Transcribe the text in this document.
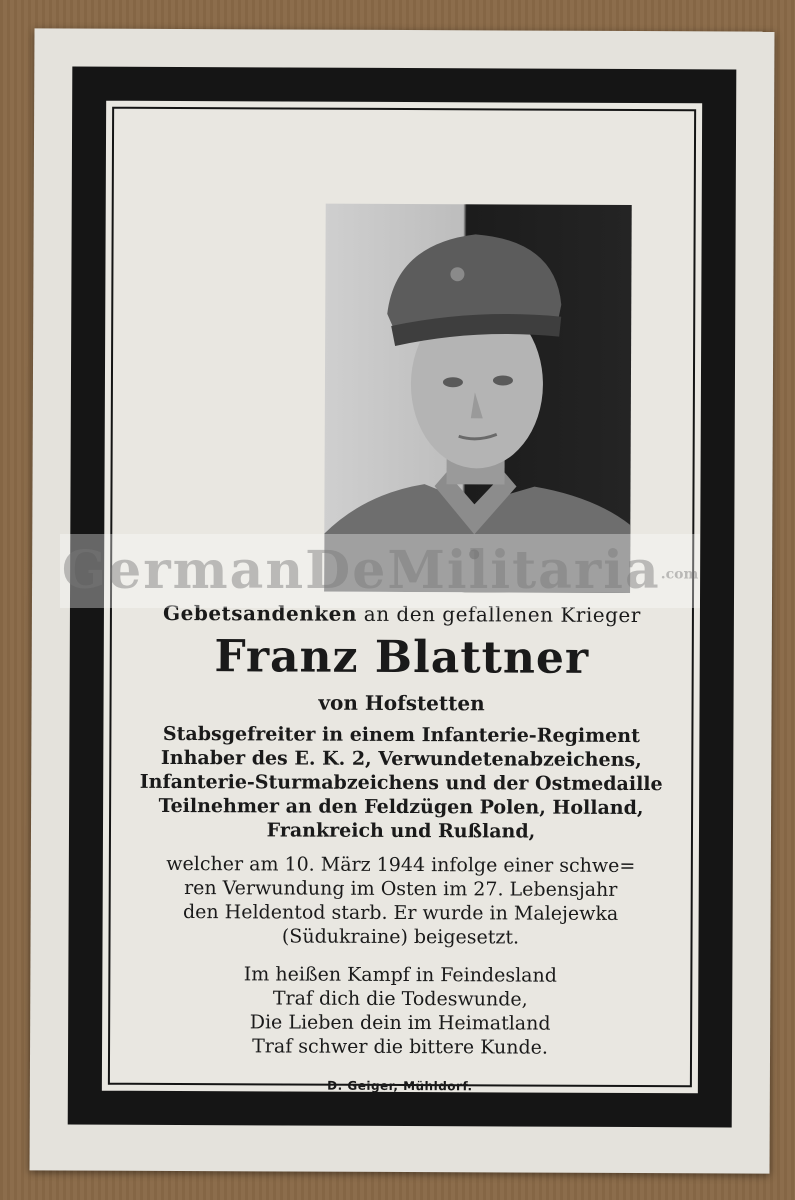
Gebetsandenken an den gefallenen Krieger
Franz Blattner
von Hofstetten
Stabsgefreiter in einem Infanterie-Regiment
Inhaber des E. K. 2, Verwundetenabzeichens,
Infanterie-Sturmabzeichens und der Ostmedaille
Teilnehmer an den Feldzügen Polen, Holland,
Frankreich und Rußland,
welcher am 10. März 1944 infolge einer schwe=
ren Verwundung im Osten im 27. Lebensjahr
den Heldentod starb. Er wurde in Malejewka
(Südukraine) beigesetzt.
Im heißen Kampf in Feindesland
Traf dich die Todeswunde,
Die Lieben dein im Heimatland
Traf schwer die bittere Kunde.
D. Geiger, Mühldorf.
GermanDeMilitaria.com
